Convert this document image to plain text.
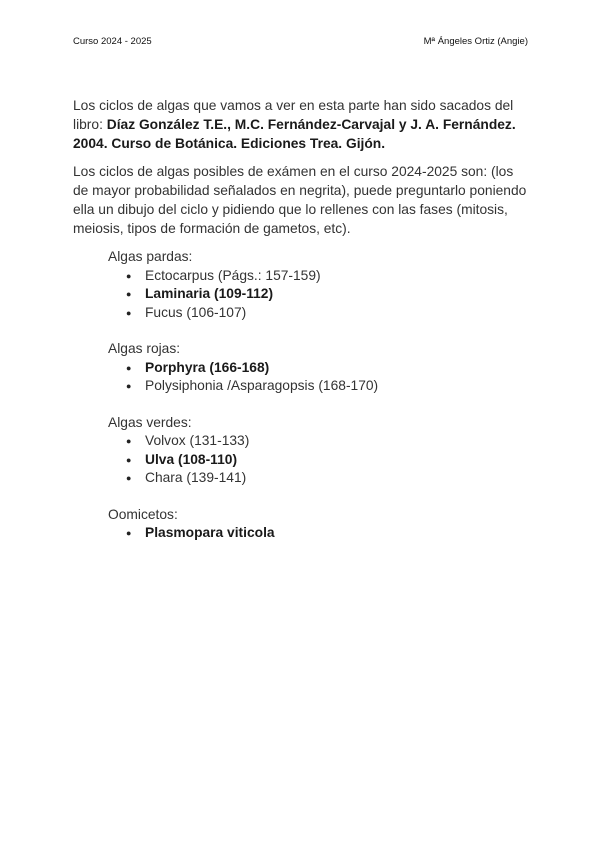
Curso 2024 - 2025	Mª Ángeles Ortiz (Angie)

Los ciclos de algas que vamos a ver en esta parte han sido sacados del libro: Díaz González T.E., M.C. Fernández-Carvajal y J. A. Fernández. 2004. Curso de Botánica. Ediciones Trea. Gijón.

Los ciclos de algas posibles de exámen en el curso 2024-2025 son: (los de mayor probabilidad señalados en negrita), puede preguntarlo poniendo ella un dibujo del ciclo y pidiendo que lo rellenes con las fases (mitosis, meiosis, tipos de formación de gametos, etc).

Algas pardas:
● Ectocarpus (Págs.: 157-159)
● Laminaria (109-112)
● Fucus (106-107)
Algas rojas:
● Porphyra (166-168)
● Polysiphonia /Asparagopsis (168-170)
Algas verdes:
● Volvox (131-133)
● Ulva (108-110)
● Chara (139-141)
Oomicetos:
● Plasmopara viticola
